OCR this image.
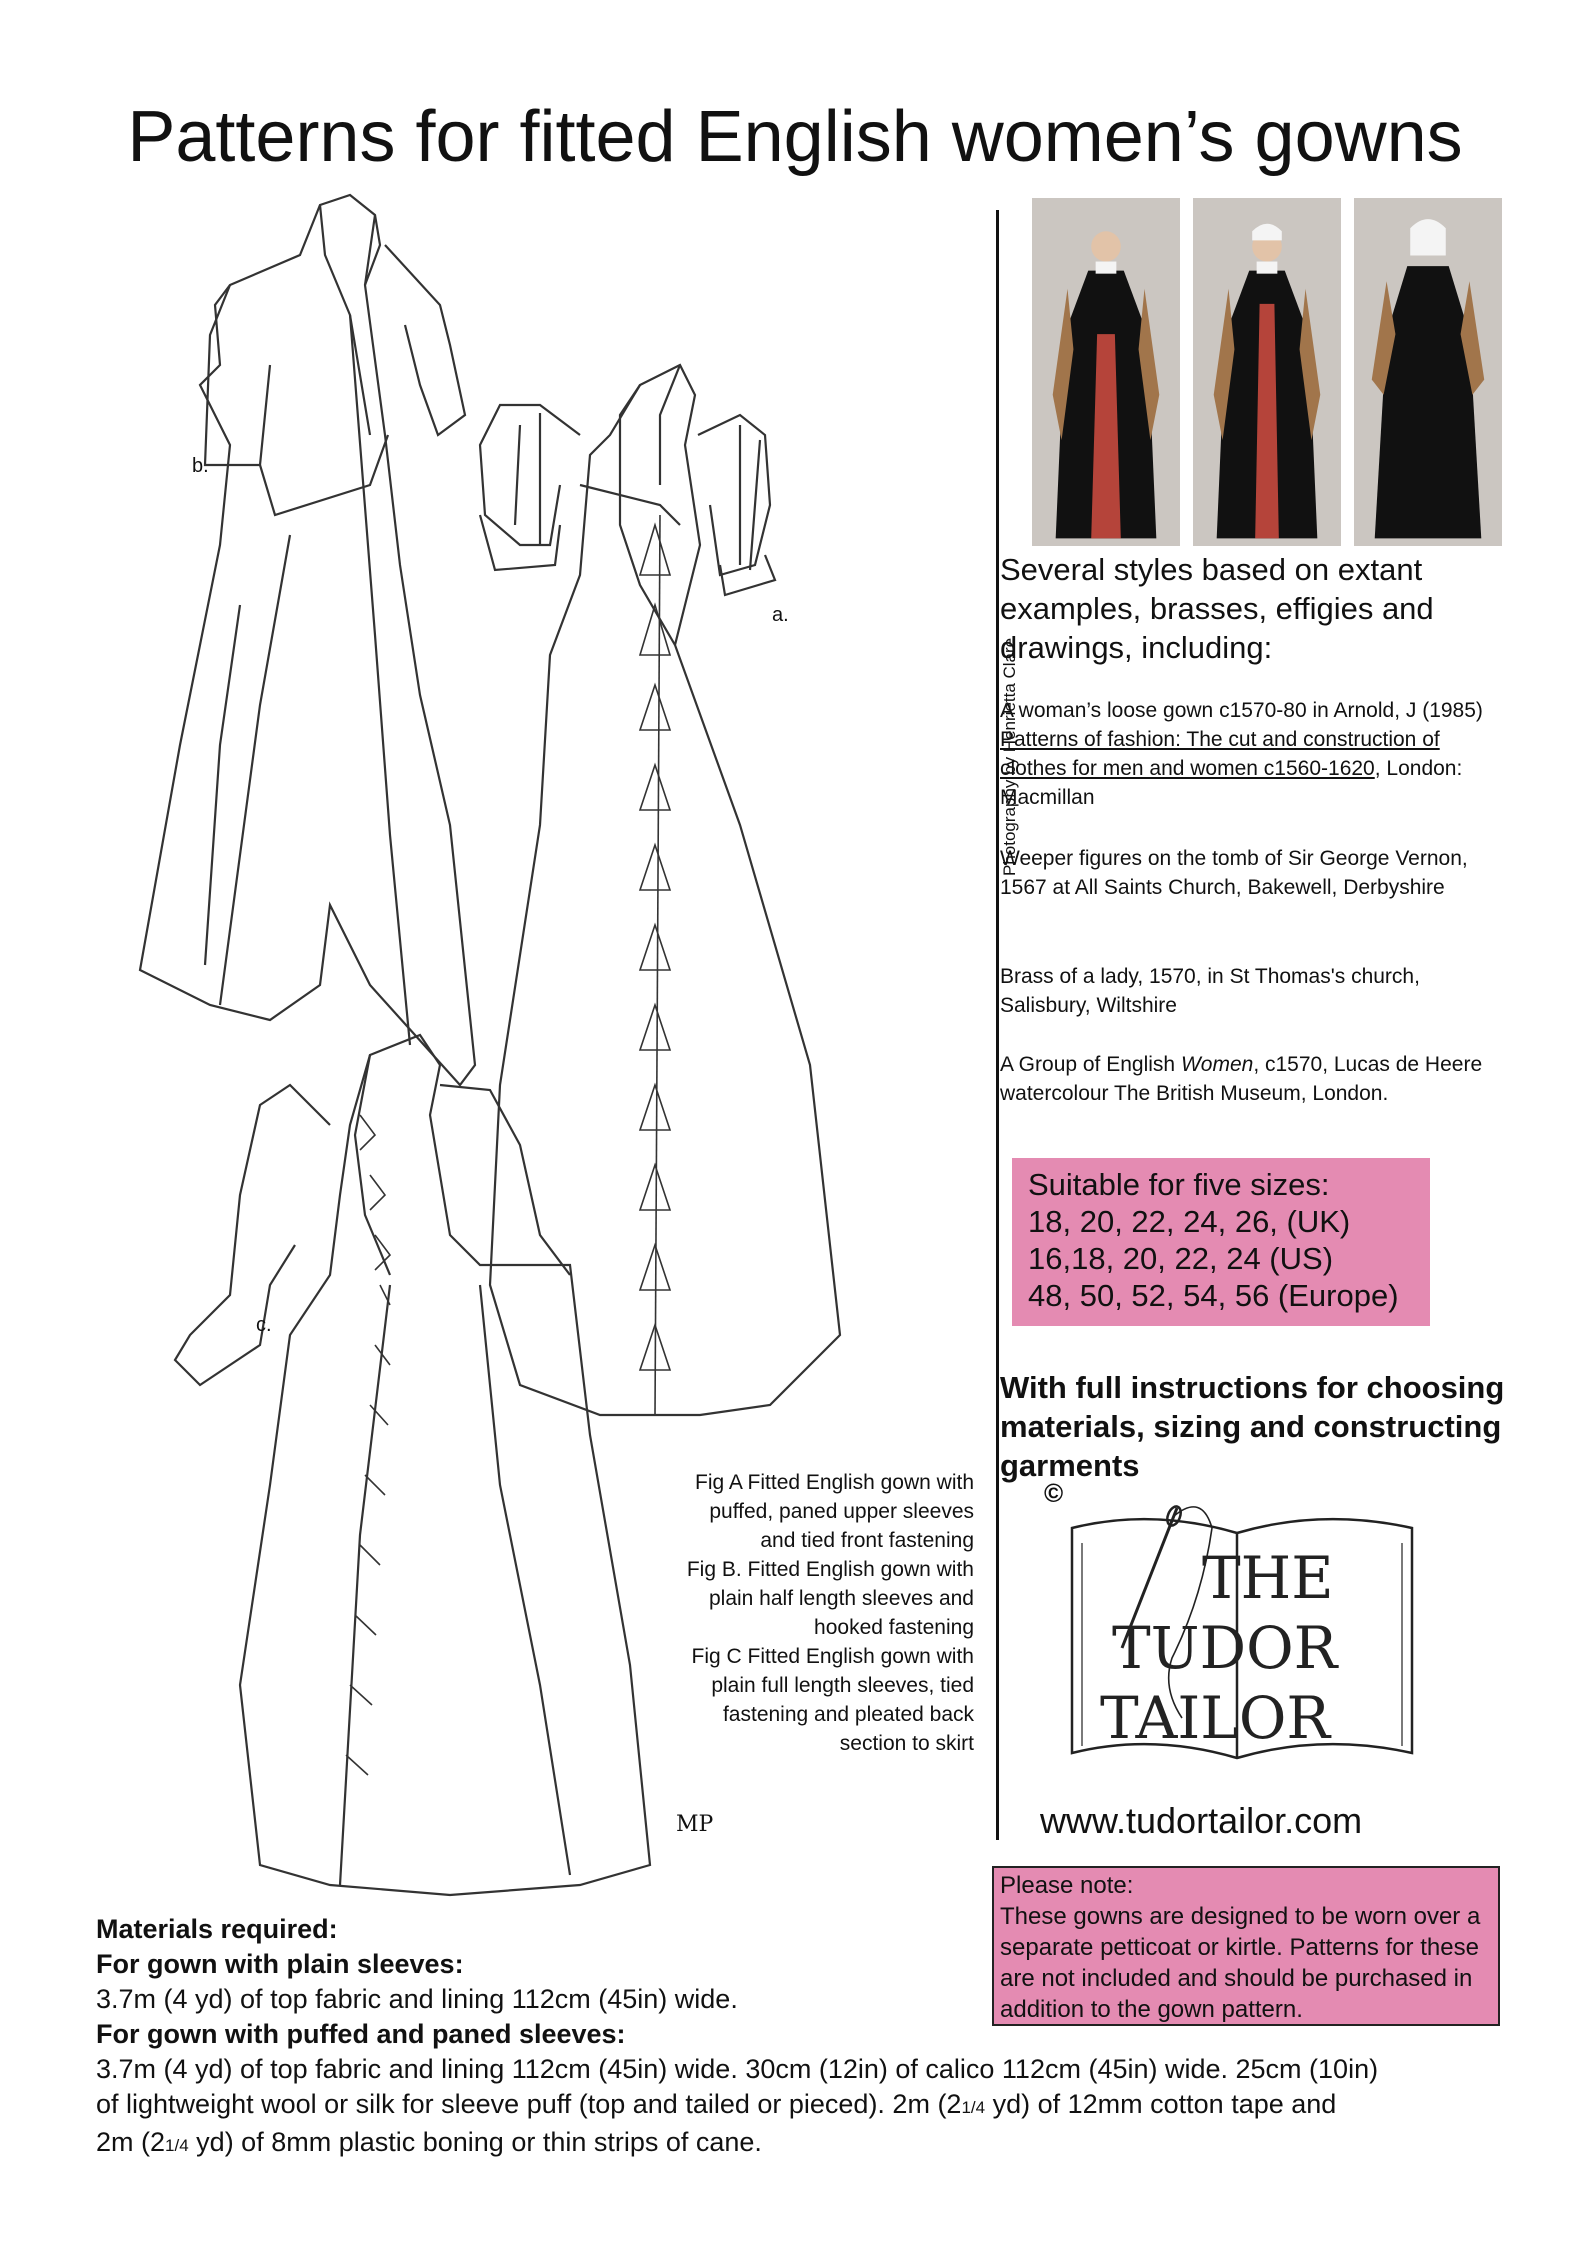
Patterns for fitted English women’s gowns
b.
a.
c.
MP
Photography by Henrietta Clare
Several styles based on extant examples, brasses, effigies and drawings, including:
A woman’s loose gown c1570-80 in Arnold, J (1985) Patterns of fashion: The cut and construction of clothes for men and women c1560-1620, London: Macmillan
Weeper figures on the tomb of Sir George Vernon, 1567 at All Saints Church, Bakewell, Derbyshire
Brass of a lady, 1570, in St Thomas's church, Salisbury, Wiltshire
A Group of English Women, c1570, Lucas de Heere watercolour The British Museum, London.
Suitable for five sizes:
18, 20, 22, 24, 26, (UK)
16,18, 20, 22, 24 (US)
48, 50, 52, 54, 56 (Europe)
With full instructions for choosing materials, sizing and constructing garments
©
THE
TUDOR
TAILOR
www.tudortailor.com
Please note:
These gowns are designed to be worn over a separate petticoat or kirtle. Patterns for these are not included and should be purchased in addition to the gown pattern.
Fig A Fitted English gown with
puffed, paned upper sleeves
and tied front fastening
Fig B. Fitted English gown with
plain half length sleeves and
hooked fastening
Fig C Fitted English gown with
plain full length sleeves, tied
fastening and pleated back
section to skirt
Materials required:
For gown with plain sleeves:
3.7m (4 yd) of top fabric and lining 112cm (45in) wide.
For gown with puffed and paned sleeves:
3.7m (4 yd) of top fabric and lining 112cm (45in) wide. 30cm (12in) of calico 112cm (45in) wide. 25cm (10in)
of lightweight wool or silk for sleeve puff (top and tailed or pieced). 2m (21/4 yd) of 12mm cotton tape and
2m (21/4 yd) of 8mm plastic boning or thin strips of cane.
